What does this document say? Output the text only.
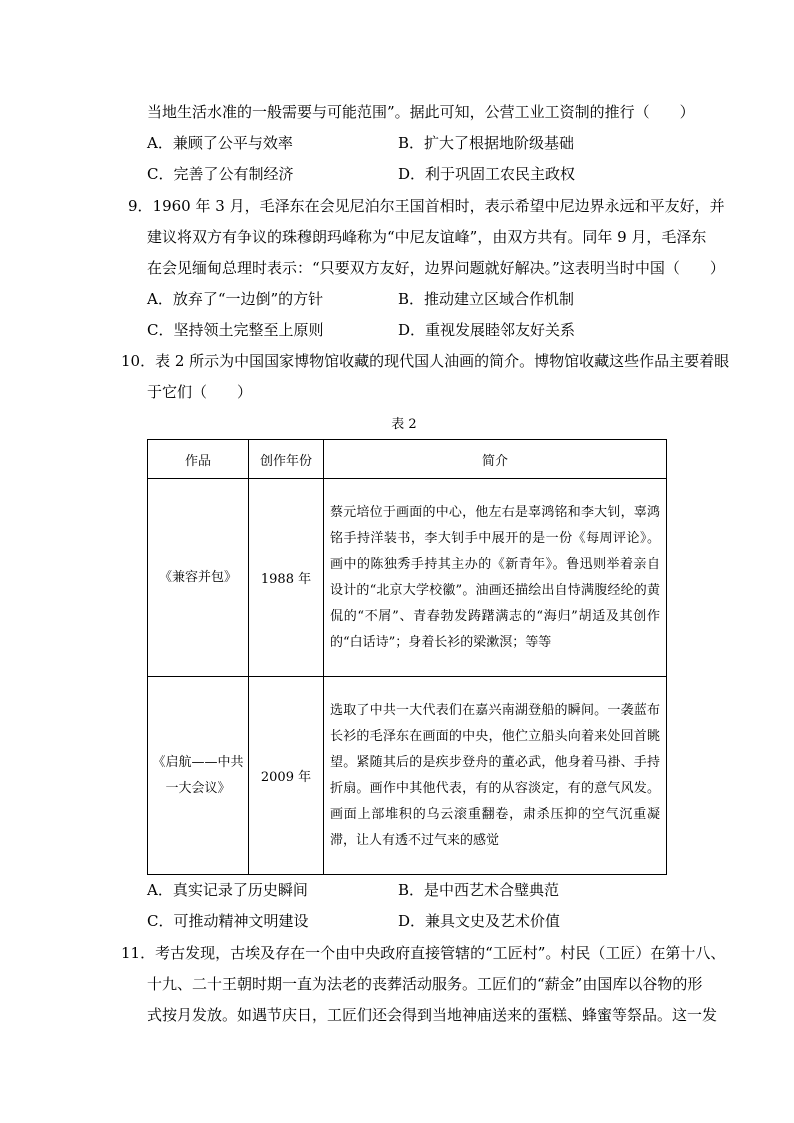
当地生活水准的一般需要与可能范围”。据此可知，公营工业工资制的推行（　　）
A．兼顾了公平与效率	B．扩大了根据地阶级基础
C．完善了公有制经济	D．利于巩固工农民主政权
9．1960 年 3 月，毛泽东在会见尼泊尔王国首相时，表示希望中尼边界永远和平友好，并
建议将双方有争议的珠穆朗玛峰称为“中尼友谊峰”，由双方共有。同年 9 月，毛泽东
在会见缅甸总理时表示：“只要双方友好，边界问题就好解决。”这表明当时中国（　　）
A．放弃了“一边倒”的方针	B．推动建立区域合作机制
C．坚持领土完整至上原则	D．重视发展睦邻友好关系
10．表 2 所示为中国国家博物馆收藏的现代国人油画的简介。博物馆收藏这些作品主要着眼
于它们（　　）
表 2
作品	创作年份	简介
《兼容并包》	1988 年	蔡元培位于画面的中心，他左右是辜鸿铭和李大钊，辜鸿铭手持洋装书，李大钊手中展开的是一份《每周评论》。画中的陈独秀手持其主办的《新青年》。鲁迅则举着亲自设计的“北京大学校徽”。油画还描绘出自恃满腹经纶的黄侃的“不屑”、青春勃发踌躇满志的“海归”胡适及其创作的“白话诗”；身着长衫的梁漱溟；等等
《启航——中共一大会议》	2009 年	选取了中共一大代表们在嘉兴南湖登船的瞬间。一袭蓝布长衫的毛泽东在画面的中央，他伫立船头向着来处回首眺望。紧随其后的是疾步登舟的董必武，他身着马褂、手持折扇。画作中其他代表，有的从容淡定，有的意气风发。画面上部堆积的乌云滚重翻卷，肃杀压抑的空气沉重凝滞，让人有透不过气来的感觉
A．真实记录了历史瞬间	B．是中西艺术合璧典范
C．可推动精神文明建设	D．兼具文史及艺术价值
11．考古发现，古埃及存在一个由中央政府直接管辖的“工匠村”。村民（工匠）在第十八、
十九、二十王朝时期一直为法老的丧葬活动服务。工匠们的“薪金”由国库以谷物的形
式按月发放。如遇节庆日，工匠们还会得到当地神庙送来的蛋糕、蜂蜜等祭品。这一发
